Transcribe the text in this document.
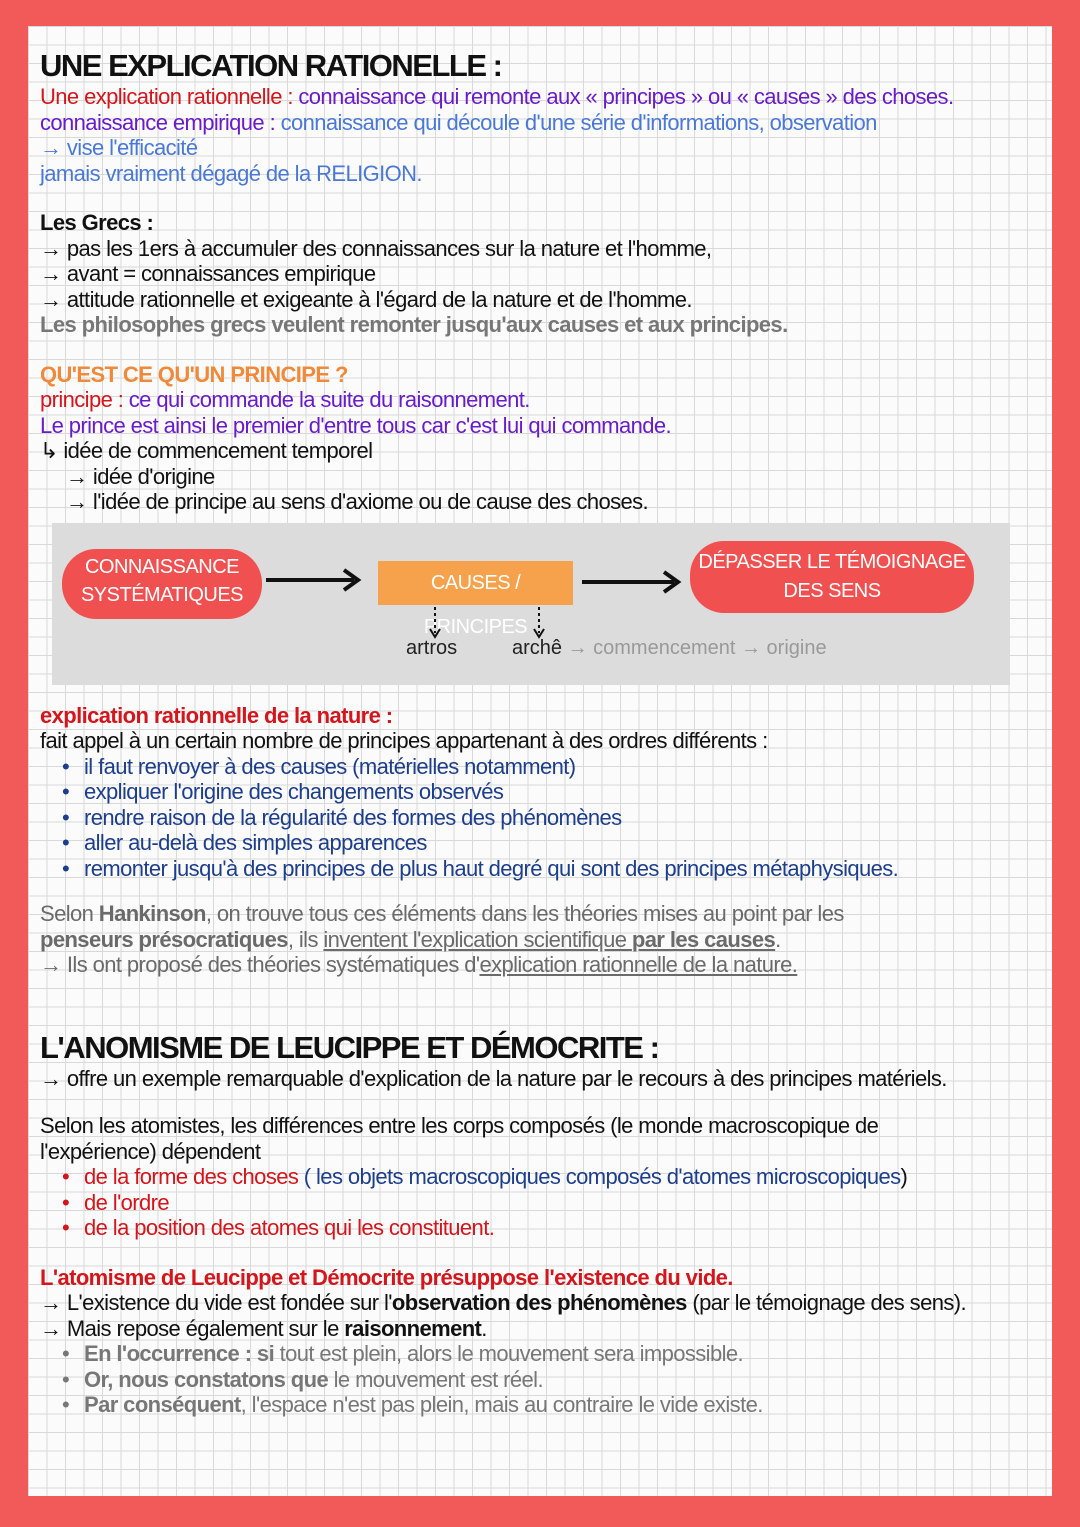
UNE EXPLICATION RATIONELLE :

Une explication rationnelle : connaissance qui remonte aux « principes » ou « causes » des choses.

connaissance empirique : connaissance qui découle d'une série d'informations, observation

→ vise l'efficacité

jamais vraiment dégagé de la RELIGION.

Les Grecs :

→ pas les 1ers à accumuler des connaissances sur la nature et l'homme,

→ avant = connaissances empirique

→ attitude rationnelle et exigeante à l'égard de la nature et de l'homme.

Les philosophes grecs veulent remonter jusqu'aux causes et aux principes.

QU'EST CE QU'UN PRINCIPE ?

principe : ce qui commande la suite du raisonnement.

Le prince est ainsi le premier d'entre tous car c'est lui qui commande.

↳ idée de commencement temporel

→ idée d'origine

→ l'idée de principe au sens d'axiome ou de cause des choses.

CONNAISSANCE
SYSTÉMATIQUES
CAUSES / PRINCIPES
DÉPASSER LE TÉMOIGNAGE
DES SENS
artros	archê → commencement → origine

explication rationnelle de la nature :

fait appel à un certain nombre de principes appartenant à des ordres différents :

• il faut renvoyer à des causes (matérielles notamment)

• expliquer l'origine des changements observés

• rendre raison de la régularité des formes des phénomènes

• aller au-delà des simples apparences

• remonter jusqu'à des principes de plus haut degré qui sont des principes métaphysiques.

Selon Hankinson, on trouve tous ces éléments dans les théories mises au point par les

penseurs présocratiques, ils inventent l'explication scientifique par les causes.

→ Ils ont proposé des théories systématiques d'explication rationnelle de la nature.

L'ANOMISME DE LEUCIPPE ET DÉMOCRITE :

→ offre un exemple remarquable d'explication de la nature par le recours à des principes matériels.

Selon les atomistes, les différences entre les corps composés (le monde macroscopique de

l'expérience) dépendent

• de la forme des choses ( les objets macroscopiques composés d'atomes microscopiques)

• de l'ordre

• de la position des atomes qui les constituent.

L'atomisme de Leucippe et Démocrite présuppose l'existence du vide.

→ L'existence du vide est fondée sur l'observation des phénomènes (par le témoignage des sens).

→ Mais repose également sur le raisonnement.

• En l'occurrence : si tout est plein, alors le mouvement sera impossible.

• Or, nous constatons que le mouvement est réel.

• Par conséquent, l'espace n'est pas plein, mais au contraire le vide existe.
